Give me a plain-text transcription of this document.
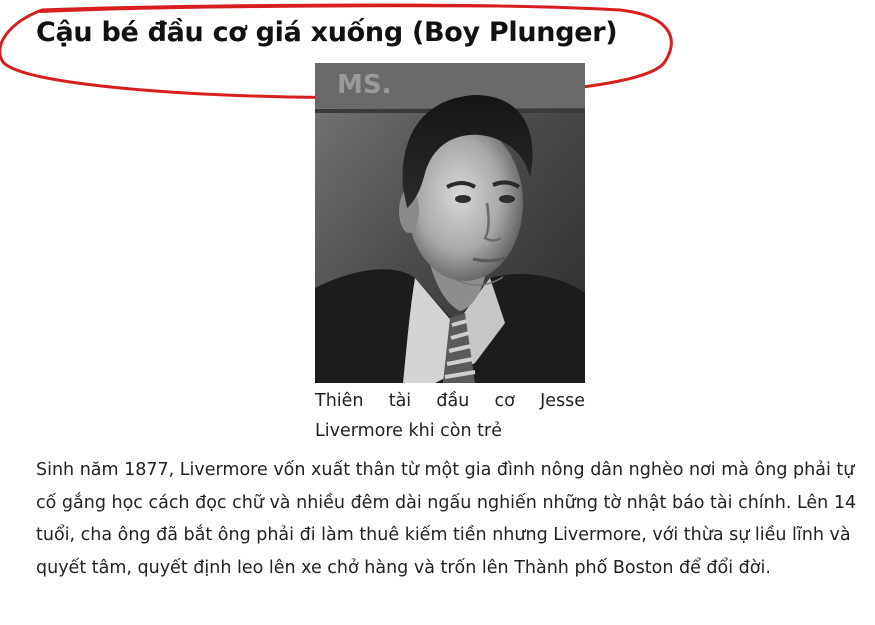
Cậu bé đầu cơ giá xuống (Boy Plunger)
MS.
Thiên tài đầu cơ Jesse
Livermore khi còn trẻ

Sinh năm 1877, Livermore vốn xuất thân từ một gia đình nông dân nghèo nơi mà ông phải tự cố gắng học cách đọc chữ và nhiều đêm dài ngấu nghiến những tờ nhật báo tài chính. Lên 14 tuổi, cha ông đã bắt ông phải đi làm thuê kiếm tiền nhưng Livermore, với thừa sự liều lĩnh và quyết tâm, quyết định leo lên xe chở hàng và trốn lên Thành phố Boston để đổi đời.
